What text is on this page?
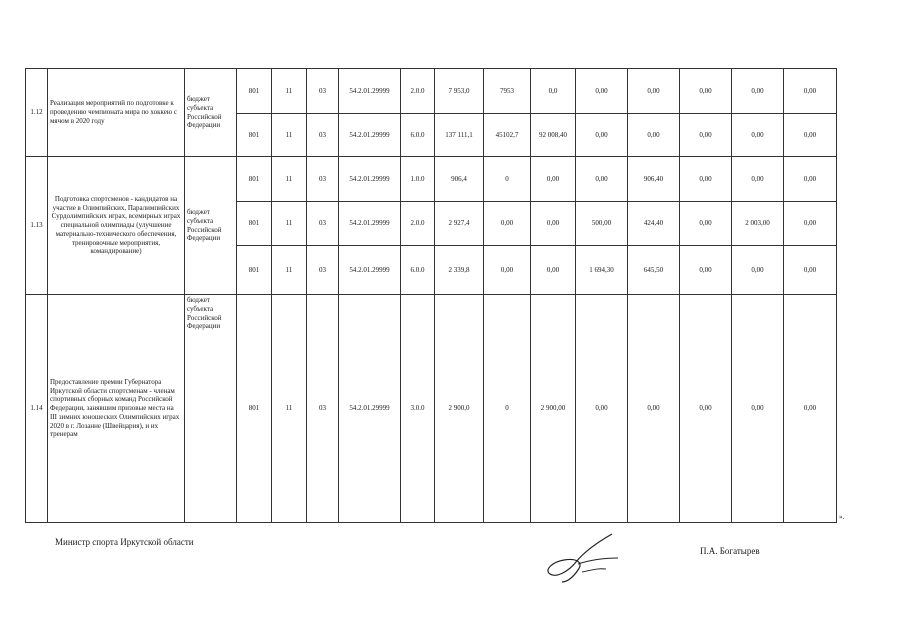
1.12	Реализация мероприятий по подготовке к проведению чемпионата мира по хоккею с мячом в 2020 году	бюджет субъекта Российской Федерации	801	11	03	54.2.01.29999	2.0.0	7 953,0	7953	0,0	0,00	0,00	0,00	0,00	0,00
			801	11	03	54.2.01.29999	6.0.0	137 111,1	45102,7	92 008,40	0,00	0,00	0,00	0,00	0,00
1.13	Подготовка спортсменов - кандидатов на участие в Олимпийских, Паралимпийских Сурдолимпийских играх, всемирных играх специальной олимпиады (улучшение материально-технического обеспечения, тренировочные мероприятия, командирование)	бюджет субъекта Российской Федерации	801	11	03	54.2.01.29999	1.0.0	906,4	0	0,00	0,00	906,40	0,00	0,00	0,00
			801	11	03	54.2.01.29999	2.0.0	2 927,4	0,00	0,00	500,00	424,40	0,00	2 003,00	0,00
			801	11	03	54.2.01.29999	6.0.0	2 339,8	0,00	0,00	1 694,30	645,50	0,00	0,00	0,00
1.14	Предоставление премии Губернатора Иркутской области спортсменам - членам спортивных сборных команд Российской Федерации, занявшим призовые места на III зимних юношеских Олимпийских играх 2020 в г. Лозанне (Швейцария), и их тренерам	бюджет субъекта Российской Федерации	801	11	03	54.2.01.29999	3.0.0	2 900,0	0	2 900,00	0,00	0,00	0,00	0,00	0,00
».
Министр спорта Иркутской области
П.А. Богатырев
